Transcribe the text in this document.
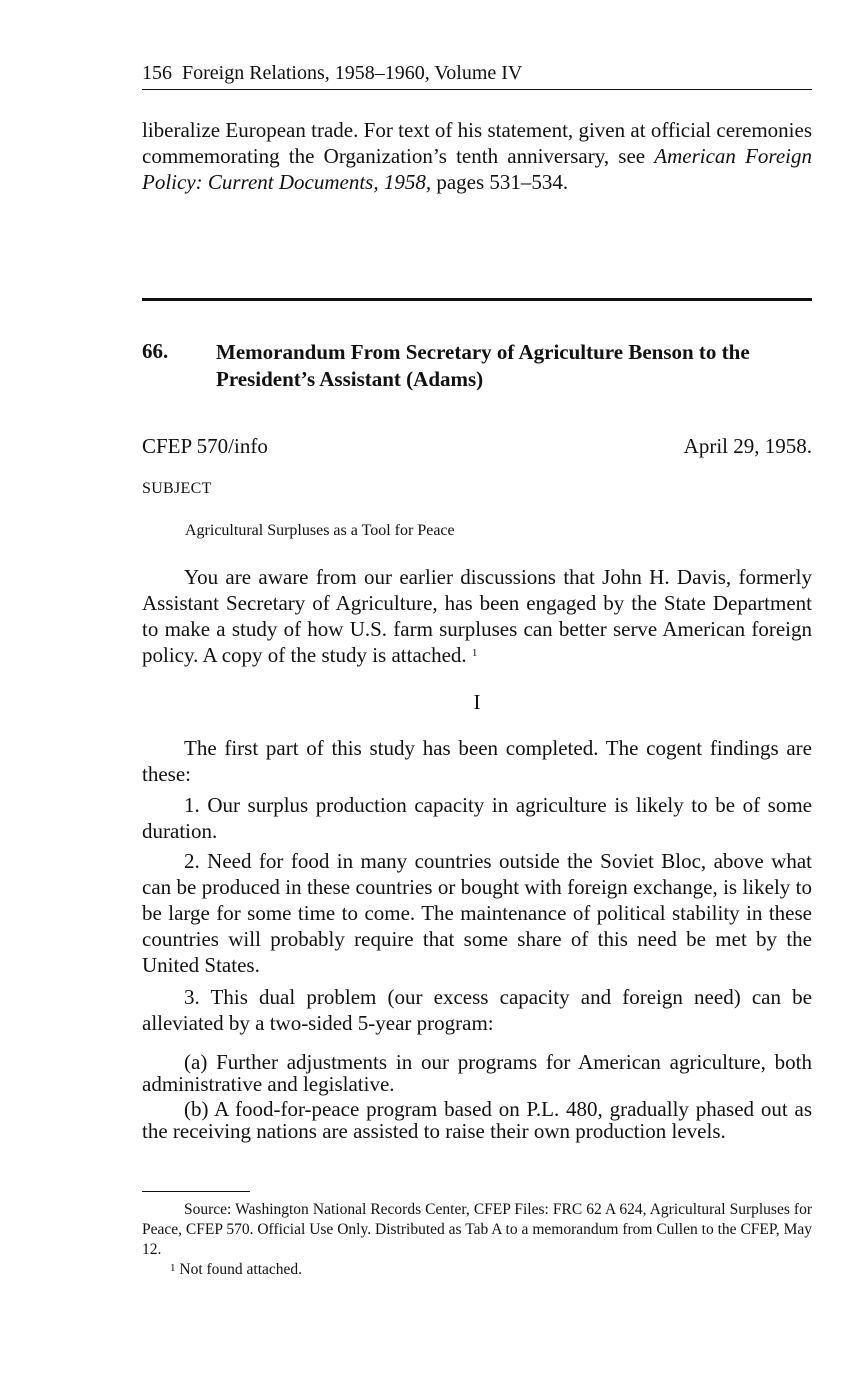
156 Foreign Relations, 1958–1960, Volume IV

liberalize European trade. For text of his statement, given at official ceremonies commemorating the Organization’s tenth anniversary, see American Foreign Policy: Current Documents, 1958, pages 531–534.

66. Memorandum From Secretary of Agriculture Benson to the President’s Assistant (Adams)
CFEP 570/info	April 29, 1958.
SUBJECT
Agricultural Surpluses as a Tool for Peace

You are aware from our earlier discussions that John H. Davis, formerly Assistant Secretary of Agriculture, has been engaged by the State Department to make a study of how U.S. farm surpluses can better serve American foreign policy. A copy of the study is attached. $^1$

I

The first part of this study has been completed. The cogent findings are these:

1. Our surplus production capacity in agriculture is likely to be of some duration.

2. Need for food in many countries outside the Soviet Bloc, above what can be produced in these countries or bought with foreign exchange, is likely to be large for some time to come. The maintenance of political stability in these countries will probably require that some share of this need be met by the United States.

3. This dual problem (our excess capacity and foreign need) can be alleviated by a two-sided 5-year program:

(a) Further adjustments in our programs for American agriculture, both administrative and legislative.

(b) A food-for-peace program based on P.L. 480, gradually phased out as the receiving nations are assisted to raise their own production levels.

Source: Washington National Records Center, CFEP Files: FRC 62 A 624, Agricultural Surpluses for Peace, CFEP 570. Official Use Only. Distributed as Tab A to a memorandum from Cullen to the CFEP, May 12.

$^1$ Not found attached.
